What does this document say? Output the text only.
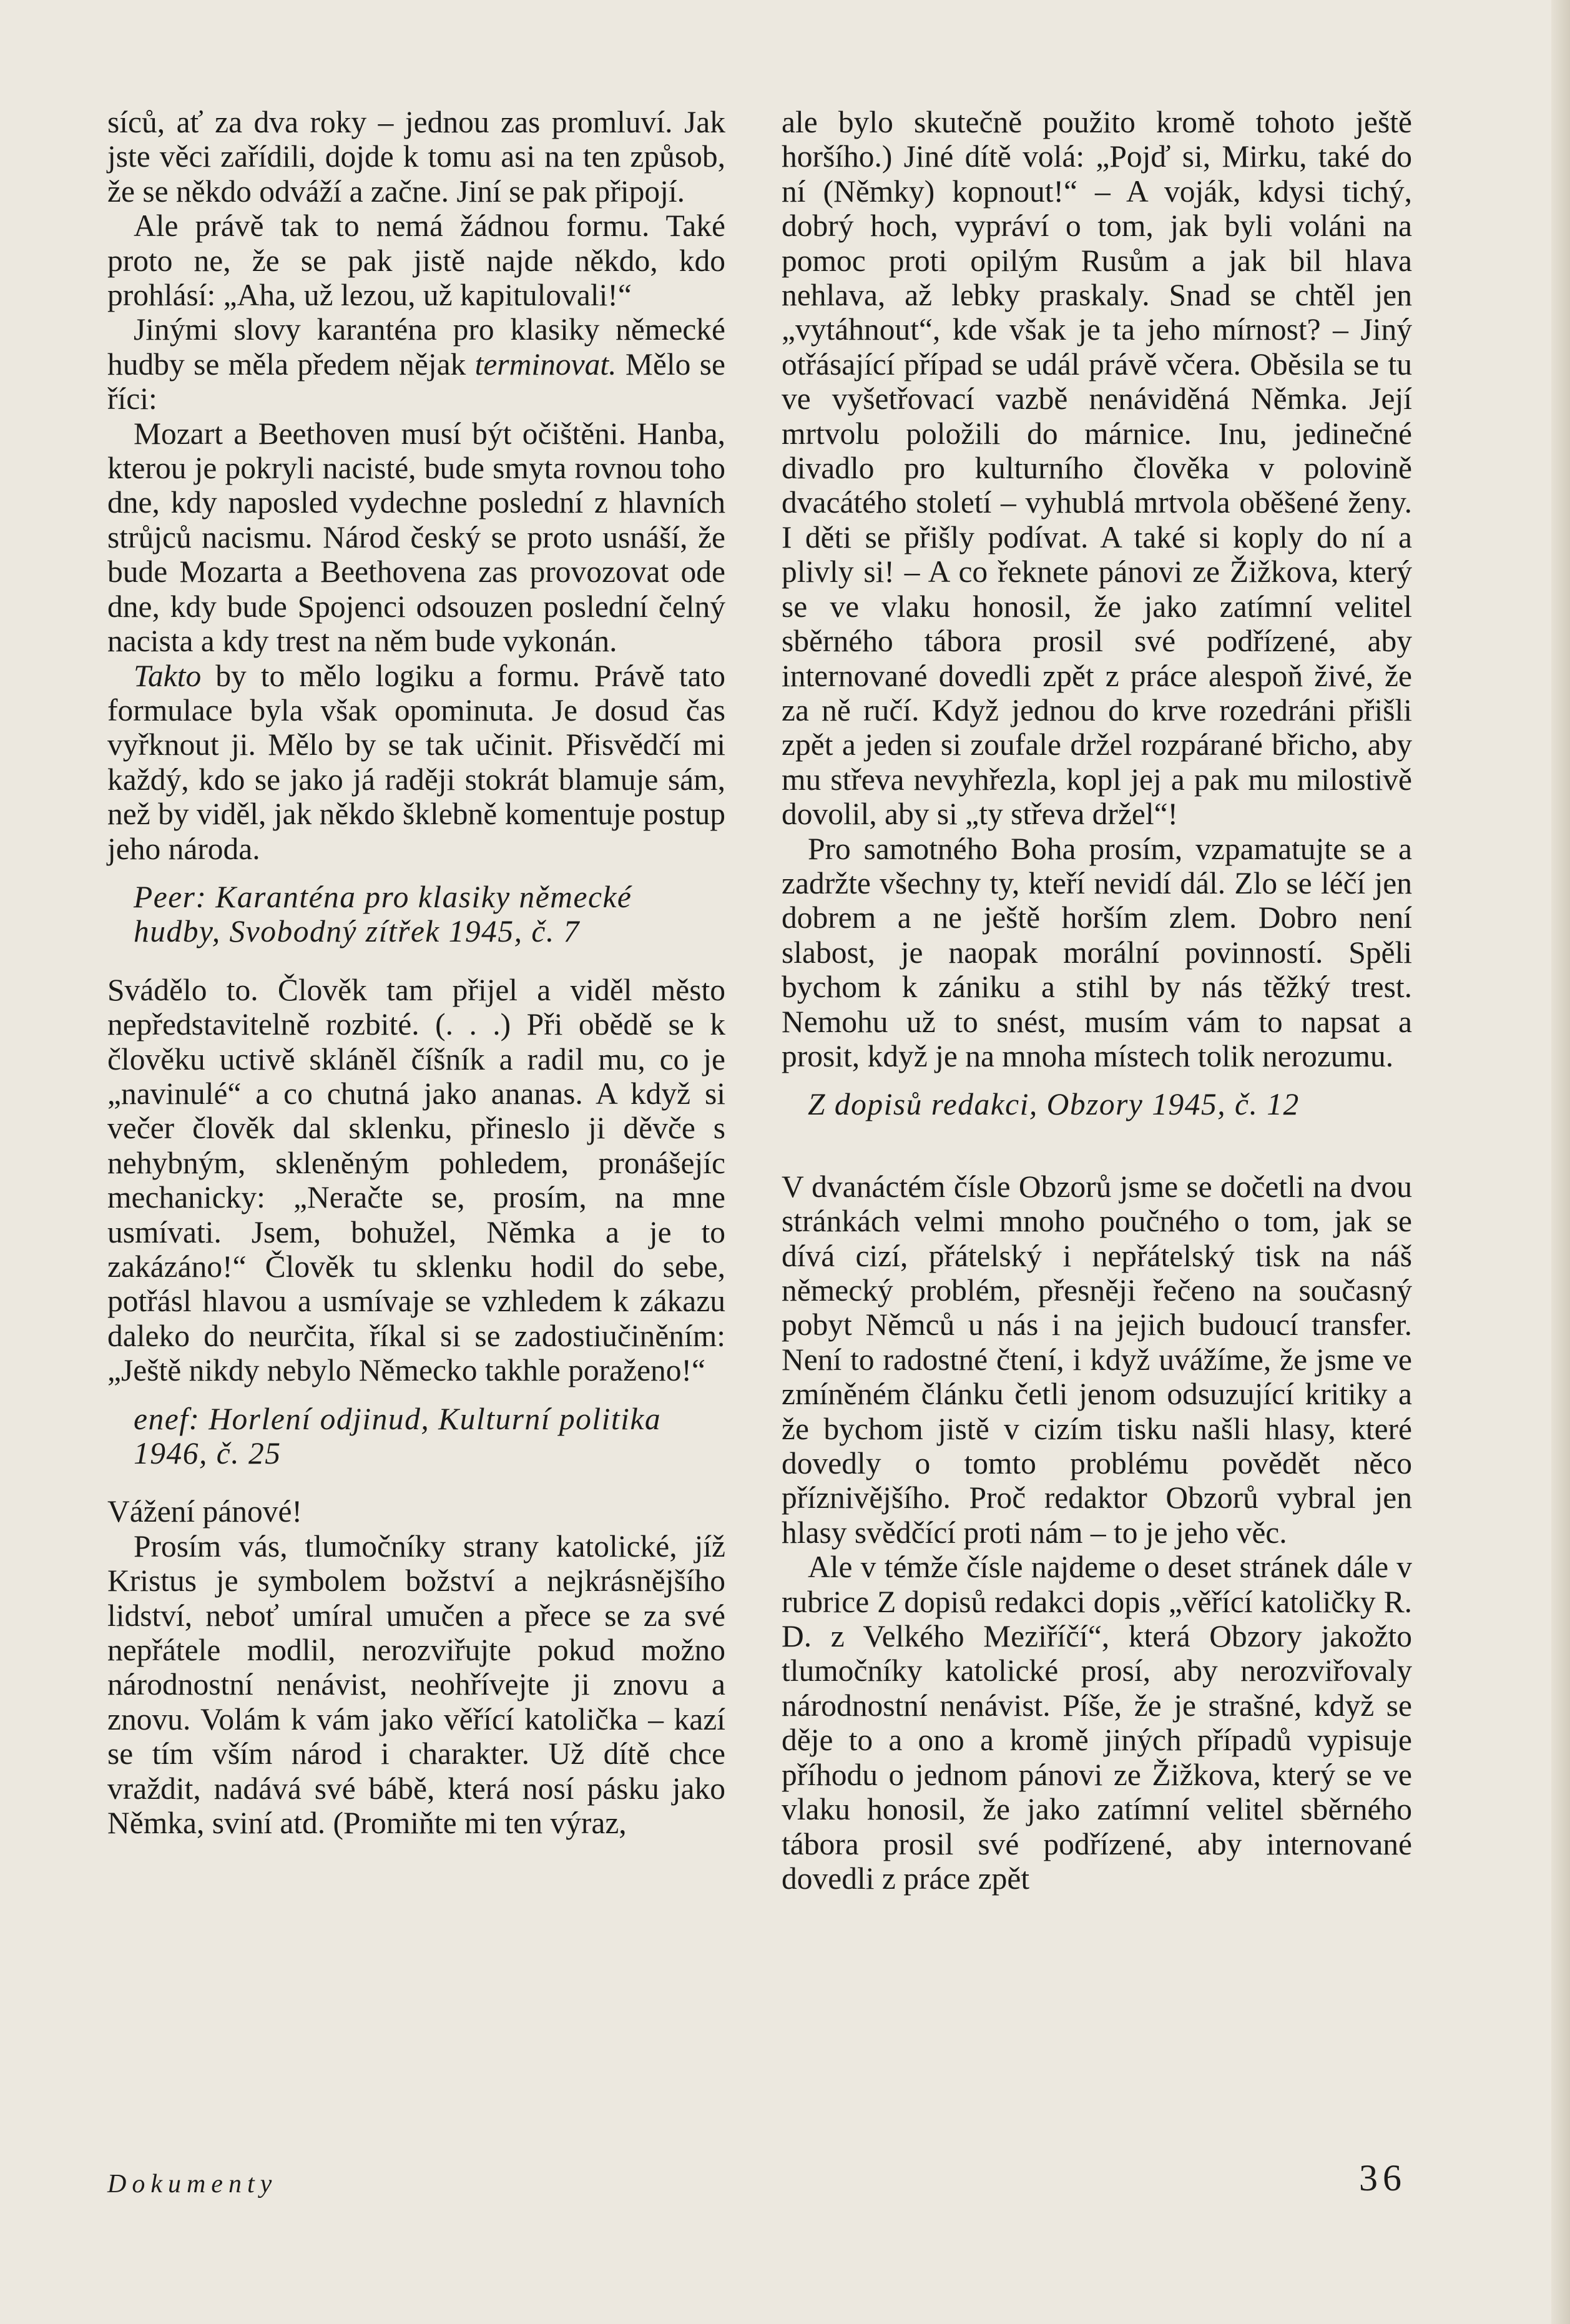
síců, ať za dva roky – jednou zas promluví. Jak jste věci zařídili, dojde k tomu asi na ten způsob, že se někdo odváží a začne. Jiní se pak připojí.

Ale právě tak to nemá žádnou formu. Také proto ne, že se pak jistě najde někdo, kdo prohlásí: „Aha, už lezou, už kapitulovali!“

Jinými slovy karanténa pro klasiky německé hudby se měla předem nějak terminovat. Mělo se říci:

Mozart a Beethoven musí být očištěni. Hanba, kterou je pokryli nacisté, bude smyta rovnou toho dne, kdy naposled vydechne poslední z hlavních strůjců nacismu. Národ český se proto usnáší, že bude Mozarta a Beethovena zas provozovat ode dne, kdy bude Spojenci odsouzen poslední čelný nacista a kdy trest na něm bude vykonán.

Takto by to mělo logiku a formu. Právě tato formulace byla však opominuta. Je dosud čas vyřknout ji. Mělo by se tak učinit. Přisvědčí mi každý, kdo se jako já raději stokrát blamuje sám, než by viděl, jak někdo šklebně komentuje postup jeho národa.

Peer: Karanténa pro klasiky německé hudby, Svobodný zítřek 1945, č. 7

Svádělo to. Člověk tam přijel a viděl město nepředstavitelně rozbité. (. . .) Při obědě se k člověku uctivě skláněl číšník a radil mu, co je „navinulé“ a co chutná jako ananas. A když si večer člověk dal sklenku, přineslo ji děvče s nehybným, skleněným pohledem, pronášejíc mechanicky: „Neračte se, prosím, na mne usmívati. Jsem, bohužel, Němka a je to zakázáno!“ Člověk tu sklenku hodil do sebe, potřásl hlavou a usmívaje se vzhledem k zákazu daleko do neurčita, říkal si se zadostiučiněním: „Ještě nikdy nebylo Německo takhle poraženo!“

enef: Horlení odjinud, Kulturní politika 1946, č. 25

Vážení pánové!

Prosím vás, tlumočníky strany katolické, jíž Kristus je symbolem božství a nejkrásnějšího lidství, neboť umíral umučen a přece se za své nepřátele modlil, nerozviřujte pokud možno národnostní nenávist, neohřívejte ji znovu a znovu. Volám k vám jako věřící katolička – kazí se tím vším národ i charakter. Už dítě chce vraždit, nadává své bábě, která nosí pásku jako Němka, sviní atd. (Promiňte mi ten výraz,

ale bylo skutečně použito kromě tohoto ještě horšího.) Jiné dítě volá: „Pojď si, Mirku, také do ní (Němky) kopnout!“ – A voják, kdysi tichý, dobrý hoch, vypráví o tom, jak byli voláni na pomoc proti opilým Rusům a jak bil hlava nehlava, až lebky praskaly. Snad se chtěl jen „vytáhnout“, kde však je ta jeho mírnost? – Jiný otřásající případ se udál právě včera. Oběsila se tu ve vyšetřovací vazbě nenáviděná Němka. Její mrtvolu položili do márnice. Inu, jedinečné divadlo pro kulturního člověka v polovině dvacátého století – vyhublá mrtvola oběšené ženy. I děti se přišly podívat. A také si koply do ní a plivly si! – A co řeknete pánovi ze Žižkova, který se ve vlaku honosil, že jako zatímní velitel sběrného tábora prosil své podřízené, aby internované dovedli zpět z práce alespoň živé, že za ně ručí. Když jednou do krve rozedráni přišli zpět a jeden si zoufale držel rozpárané břicho, aby mu střeva nevyhřezla, kopl jej a pak mu milostivě dovolil, aby si „ty střeva držel“!

Pro samotného Boha prosím, vzpamatujte se a zadržte všechny ty, kteří nevidí dál. Zlo se léčí jen dobrem a ne ještě horším zlem. Dobro není slabost, je naopak morální povinností. Spěli bychom k zániku a stihl by nás těžký trest. Nemohu už to snést, musím vám to napsat a prosit, když je na mnoha místech tolik nerozumu.

Z dopisů redakci, Obzory 1945, č. 12

V dvanáctém čísle Obzorů jsme se dočetli na dvou stránkách velmi mnoho poučného o tom, jak se dívá cizí, přátelský i nepřátelský tisk na náš německý problém, přesněji řečeno na současný pobyt Němců u nás i na jejich budoucí transfer. Není to radostné čtení, i když uvážíme, že jsme ve zmíněném článku četli jenom odsuzující kritiky a že bychom jistě v cizím tisku našli hlasy, které dovedly o tomto problému povědět něco příznivějšího. Proč redaktor Obzorů vybral jen hlasy svědčící proti nám – to je jeho věc.

Ale v témže čísle najdeme o deset stránek dále v rubrice Z dopisů redakci dopis „věřící katoličky R. D. z Velkého Meziříčí“, která Obzory jakožto tlumočníky katolické prosí, aby nerozviřovaly národnostní nenávist. Píše, že je strašné, když se děje to a ono a kromě jiných případů vypisuje příhodu o jednom pánovi ze Žižkova, který se ve vlaku honosil, že jako zatímní velitel sběrného tábora prosil své podřízené, aby internované dovedli z práce zpět

Dokumenty	36
